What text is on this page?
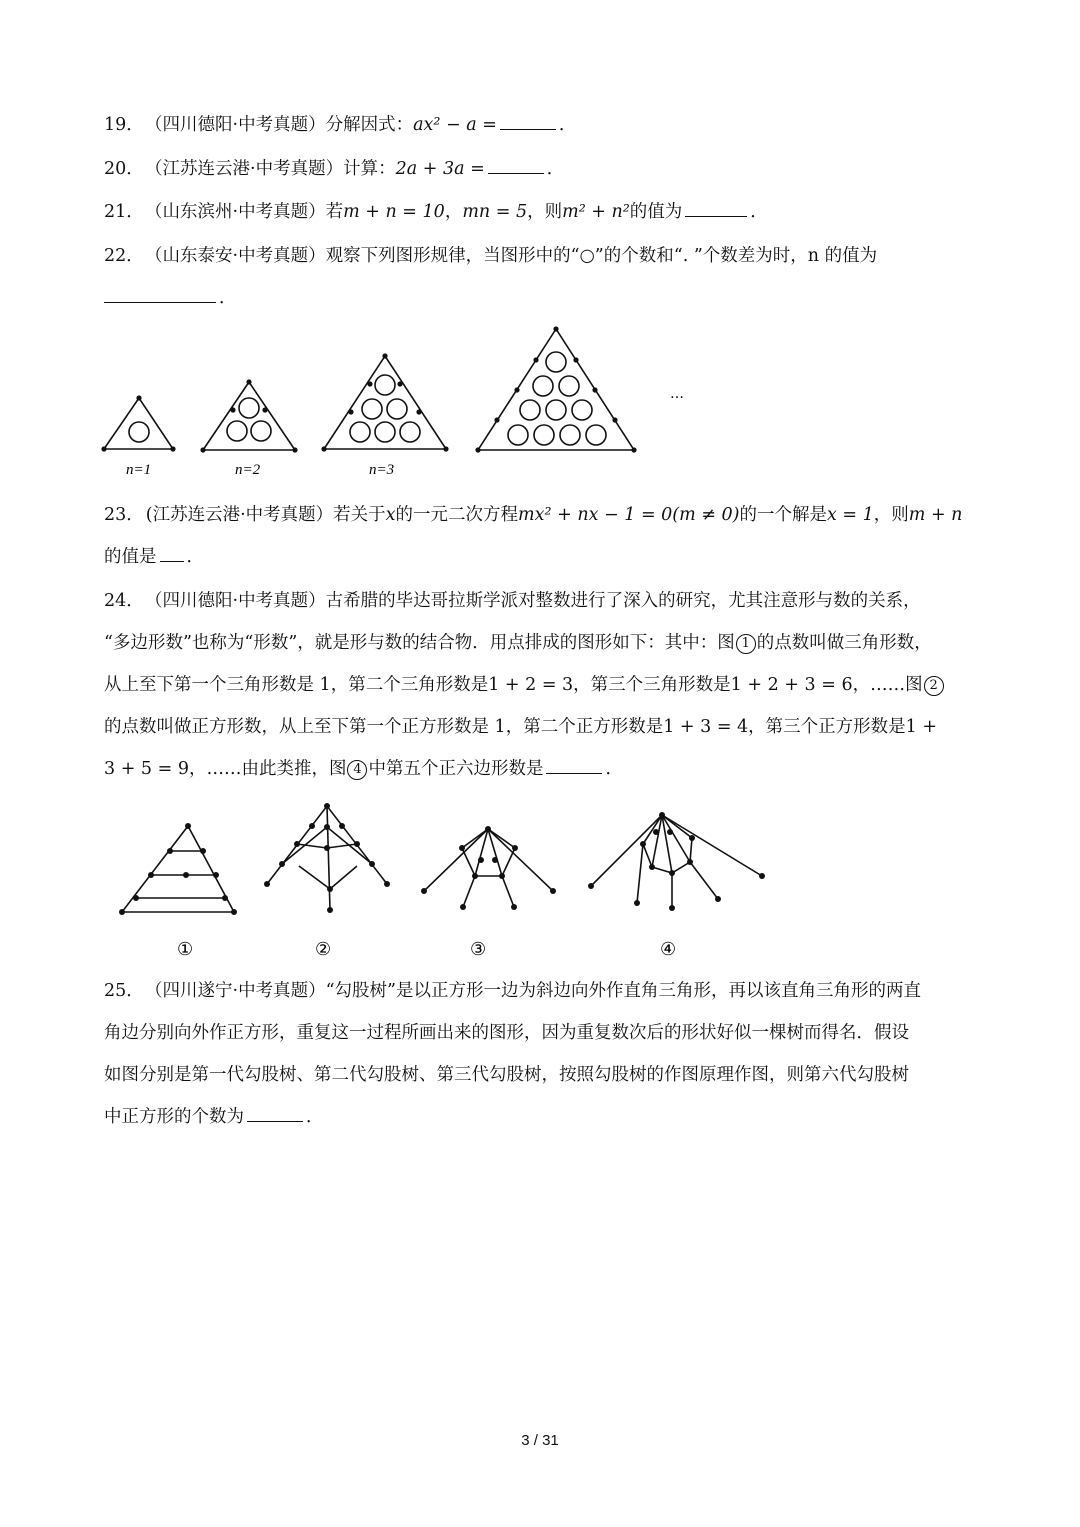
19． （四川德阳·中考真题）分解因式：ax² − a =	．
20． （江苏连云港·中考真题）计算：2a + 3a =	．
21． （山东滨州·中考真题）若m + n = 10，mn = 5，则m² + n²的值为	．
22． （山东泰安·中考真题）观察下列图形规律，当图形中的“○”的个数和“. ”个数差为时，n 的值为
．
n=1	n=2	n=3
…
23． (江苏连云港·中考真题）若关于x的一元二次方程mx² + nx − 1 = 0(m ≠ 0)的一个解是x = 1，则m + n
的值是 ．
24． （四川德阳·中考真题）古希腊的毕达哥拉斯学派对整数进行了深入的研究，尤其注意形与数的关系，
“多边形数”也称为“形数”，就是形与数的结合物．用点排成的图形如下：其中：图 1 的点数叫做三角形数，
从上至下第一个三角形数是 1，第二个三角形数是1 + 2 = 3，第三个三角形数是1 + 2 + 3 = 6，……图 2
的点数叫做正方形数，从上至下第一个正方形数是 1，第二个正方形数是1 + 3 = 4，第三个正方形数是1 +
3 + 5 = 9，……由此类推，图 4 中第五个正六边形数是	．
①	②	③	④
25． （四川遂宁·中考真题）“勾股树”是以正方形一边为斜边向外作直角三角形，再以该直角三角形的两直
角边分别向外作正方形，重复这一过程所画出来的图形，因为重复数次后的形状好似一棵树而得名．假设
如图分别是第一代勾股树、第二代勾股树、第三代勾股树，按照勾股树的作图原理作图，则第六代勾股树
中正方形的个数为	．
3 / 31
